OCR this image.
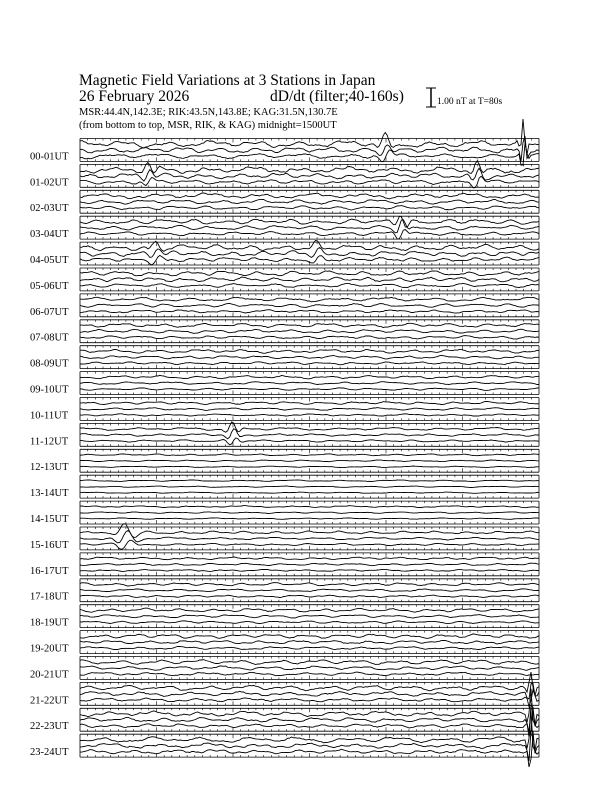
Magnetic Field Variations at 3 Stations in Japan
26 February 2026	dD/dt (filter;40-160s)
MSR:44.4N,142.3E; RIK:43.5N,143.8E; KAG:31.5N,130.7E
(from bottom to top, MSR, RIK, & KAG) midnight=1500UT
1.00 nT at T=80s
00-01UT
01-02UT
02-03UT
03-04UT
04-05UT
05-06UT
06-07UT
07-08UT
08-09UT
09-10UT
10-11UT
11-12UT
12-13UT
13-14UT
14-15UT
15-16UT
16-17UT
17-18UT
18-19UT
19-20UT
20-21UT
21-22UT
22-23UT
23-24UT
